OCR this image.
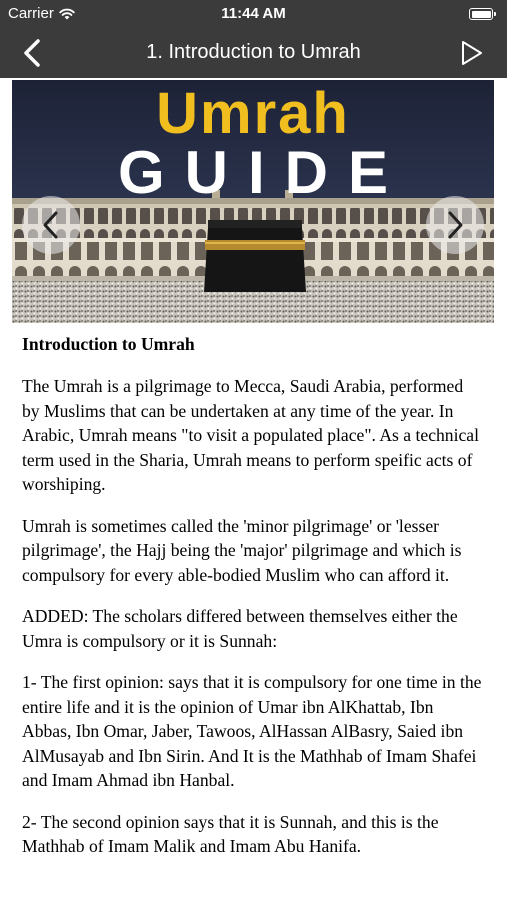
Carrier	11:44 AM
1. Introduction to Umrah
Umrah
GUIDE
Introduction to Umrah

The Umrah is a pilgrimage to Mecca, Saudi Arabia, performed by Muslims that can be undertaken at any time of the year. In Arabic, Umrah means "to visit a populated place". As a technical term used in the Sharia, Umrah means to perform speific acts of worshiping.

Umrah is sometimes called the 'minor pilgrimage' or 'lesser pilgrimage', the Hajj being the 'major' pilgrimage and which is compulsory for every able-bodied Muslim who can afford it.

ADDED: The scholars differed between themselves either the Umra is compulsory or it is Sunnah:

1- The first opinion: says that it is compulsory for one time in the entire life and it is the opinion of Umar ibn AlKhattab, Ibn Abbas, Ibn Omar, Jaber, Tawoos, AlHassan AlBasry, Saied ibn AlMusayab and Ibn Sirin. And It is the Mathhab of Imam Shafei and Imam Ahmad ibn Hanbal.

2- The second opinion says that it is Sunnah, and this is the Mathhab of Imam Malik and Imam Abu Hanifa.
